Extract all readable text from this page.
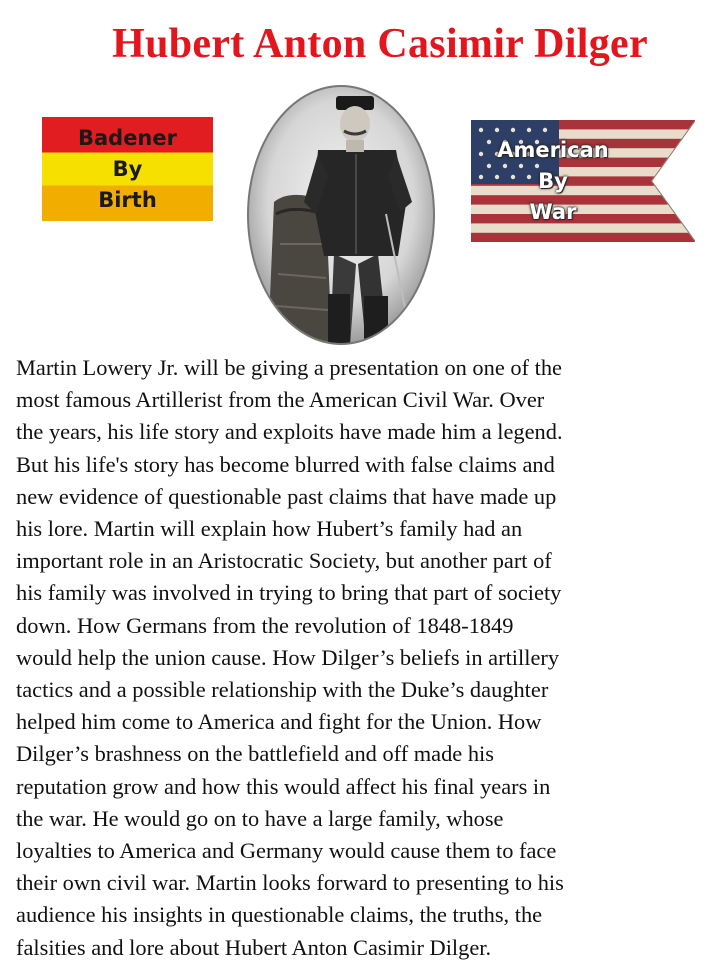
Hubert Anton Casimir Dilger
Badener
By
Birth
American
By
War
Martin Lowery Jr. will be giving a presentation on one of the
most famous Artillerist from the American Civil War. Over
the years, his life story and exploits have made him a legend.
But his life's story has become blurred with false claims and
new evidence of questionable past claims that have made up
his lore. Martin will explain how Hubert’s family had an
important role in an Aristocratic Society, but another part of
his family was involved in trying to bring that part of society
down. How Germans from the revolution of 1848-1849
would help the union cause. How Dilger’s beliefs in artillery
tactics and a possible relationship with the Duke’s daughter
helped him come to America and fight for the Union. How
Dilger’s brashness on the battlefield and off made his
reputation grow and how this would affect his final years in
the war. He would go on to have a large family, whose
loyalties to America and Germany would cause them to face
their own civil war. Martin looks forward to presenting to his
audience his insights in questionable claims, the truths, the
falsities and lore about Hubert Anton Casimir Dilger.
